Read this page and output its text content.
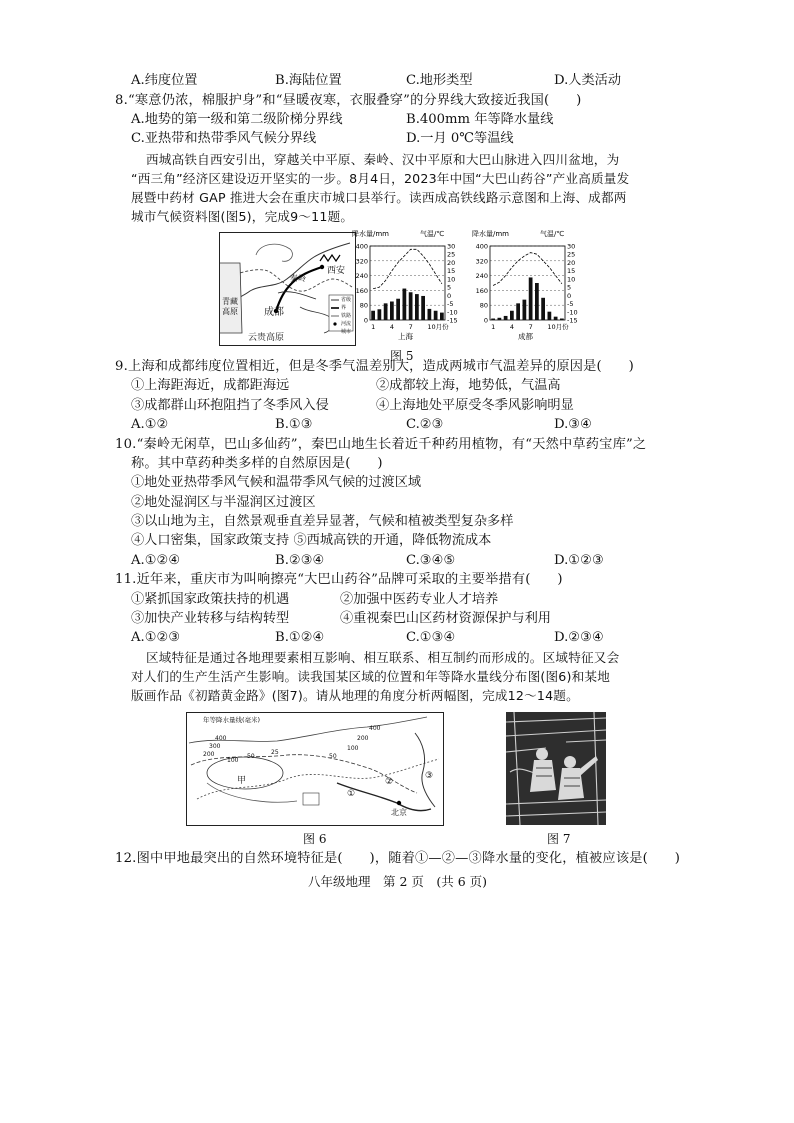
A.纬度位置	B.海陆位置	C.地形类型	D.人类活动
8.“寒意仍浓，棉服护身”和“昼暖夜寒，衣服叠穿”的分界线大致接近我国(　　)
A.地势的第一级和第二级阶梯分界线	B.400mm 年等降水量线
C.亚热带和热带季风气候分界线	D.一月 0℃等温线
西城高铁自西安引出，穿越关中平原、秦岭、汉中平原和大巴山脉进入四川盆地，为
“西三角”经济区建设迈开坚实的一步。8月4日，2023年中国“大巴山药谷”产业高质量发
展暨中药材 GAP 推进大会在重庆市城口县举行。读西成高铁线路示意图和上海、成都两
城市气候资料图(图5)，完成9～11题。
西安
成都
云贵高原
青藏高原
秦岭
省级界
铁路
河流
城市
降水量/mm	气温/℃
400
320
240
160
80
0
30
25
20
15
10
5
0
-5
-10
-15
1 4 7 10月份
上海
降水量/mm	气温/℃
400
320
240
160
80
0
30
25
20
15
10
5
0
-5
-10
-15
1 4 7 10月份
成都
图 5
9.上海和成都纬度位置相近，但是冬季气温差别大，造成两城市气温差异的原因是(　　)
①上海距海近，成都距海远	②成都较上海，地势低，气温高
③成都群山环抱阻挡了冬季风入侵	④上海地处平原受冬季风影响明显
A.①②	B.①③	C.②③	D.③④
10.“秦岭无闲草，巴山多仙药”，秦巴山地生长着近千种药用植物，有“天然中草药宝库”之
称。其中草药种类多样的自然原因是(　　)
①地处亚热带季风气候和温带季风气候的过渡区域
②地处湿润区与半湿润区过渡区
③以山地为主，自然景观垂直差异显著，气候和植被类型复杂多样
④人口密集，国家政策支持 ⑤西城高铁的开通，降低物流成本
A.①②④	B.②③④	C.③④⑤	D.①②③
11.近年来，重庆市为叫响擦亮“大巴山药谷”品牌可采取的主要举措有(　　)
①紧抓国家政策扶持的机遇	②加强中医药专业人才培养
③加快产业转移与结构转型	④重视秦巴山区药材资源保护与利用
A.①②③	B.①②④	C.①③④	D.②③④
区域特征是通过各地理要素相互影响、相互联系、相互制约而形成的。区域特征又会
对人们的生产生活产生影响。读我国某区域的位置和年等降水量线分布图(图6)和某地
版画作品《初踏黄金路》(图7)。请从地理的角度分析两幅图，完成12～14题。
年等降水量线(毫米)
400
300
200
100
50
25
50
100
200
400
甲
北京
①
②
③
图 6	图 7
12.图中甲地最突出的自然环境特征是(　　)，随着①—②—③降水量的变化，植被应该是(　　)
八年级地理　第 2 页　(共 6 页)
